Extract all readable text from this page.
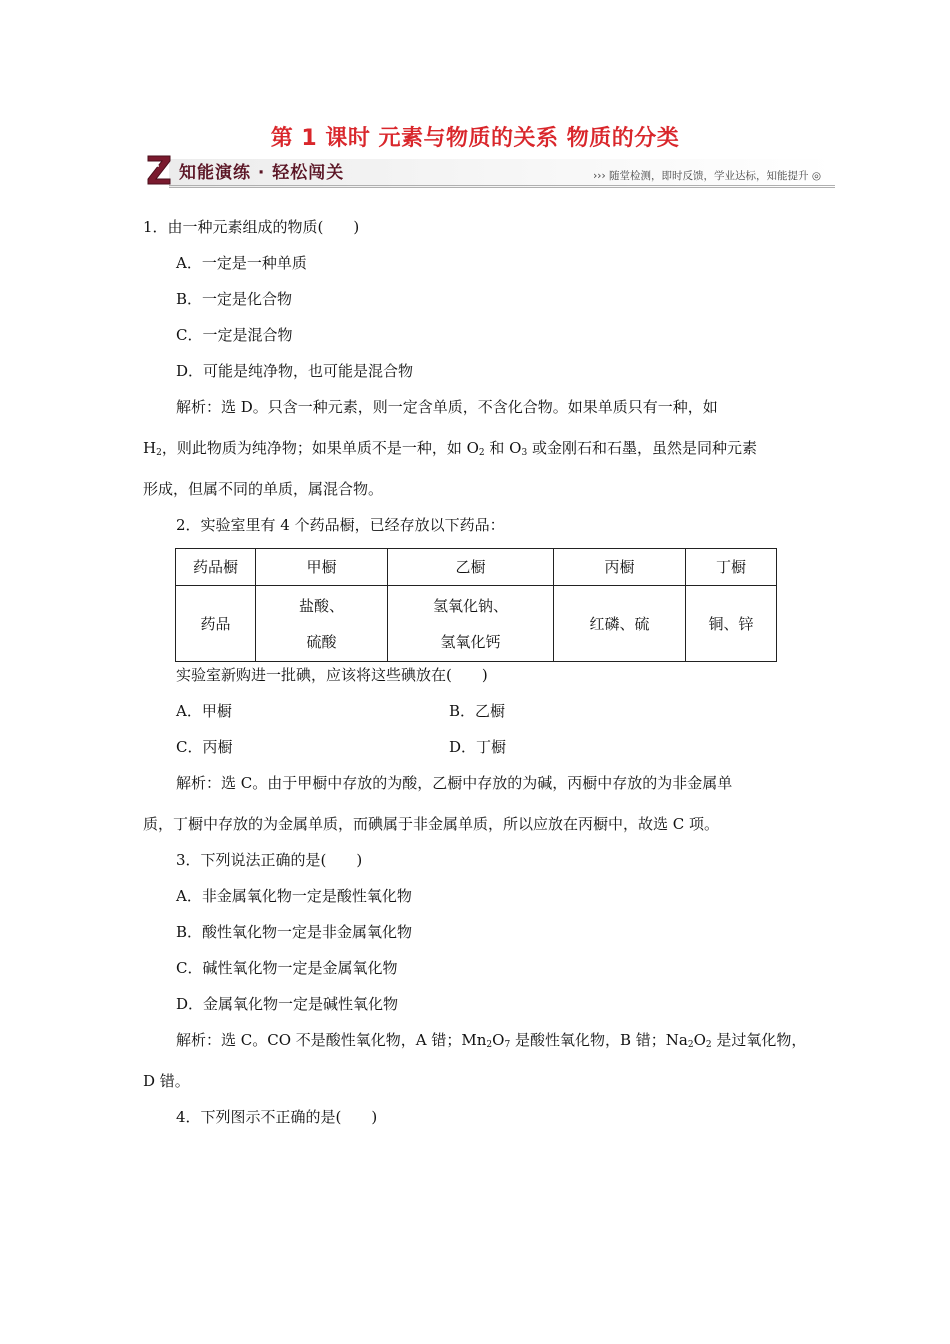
第 1 课时 元素与物质的关系 物质的分类
知能演练 · 轻松闯关	››› 随堂检测，即时反馈，学业达标，知能提升 ◎
1．由一种元素组成的物质(　　)
A．一定是一种单质
B．一定是化合物
C．一定是混合物
D．可能是纯净物，也可能是混合物
解析：选 D。只含一种元素，则一定含单质，不含化合物。如果单质只有一种，如
$H_2$，则此物质为纯净物；如果单质不是一种，如 $O_2$ 和 $O_3$ 或金刚石和石墨，虽然是同种元素
形成，但属不同的单质，属混合物。
2．实验室里有 4 个药品橱，已经存放以下药品：
药品橱	甲橱	乙橱	丙橱	丁橱
药品	盐酸、
硫酸	氢氧化钠、
氢氧化钙	红磷、硫	铜、锌
实验室新购进一批碘，应该将这些碘放在(　　)
A．甲橱	B．乙橱
C．丙橱	D．丁橱
解析：选 C。由于甲橱中存放的为酸，乙橱中存放的为碱，丙橱中存放的为非金属单
质，丁橱中存放的为金属单质，而碘属于非金属单质，所以应放在丙橱中，故选 C 项。
3．下列说法正确的是(　　)
A．非金属氧化物一定是酸性氧化物
B．酸性氧化物一定是非金属氧化物
C．碱性氧化物一定是金属氧化物
D．金属氧化物一定是碱性氧化物
解析：选 C。CO 不是酸性氧化物，A 错；$Mn_2O_7$ 是酸性氧化物，B 错；$Na_2O_2$ 是过氧化物，
D 错。
4．下列图示不正确的是(　　)
